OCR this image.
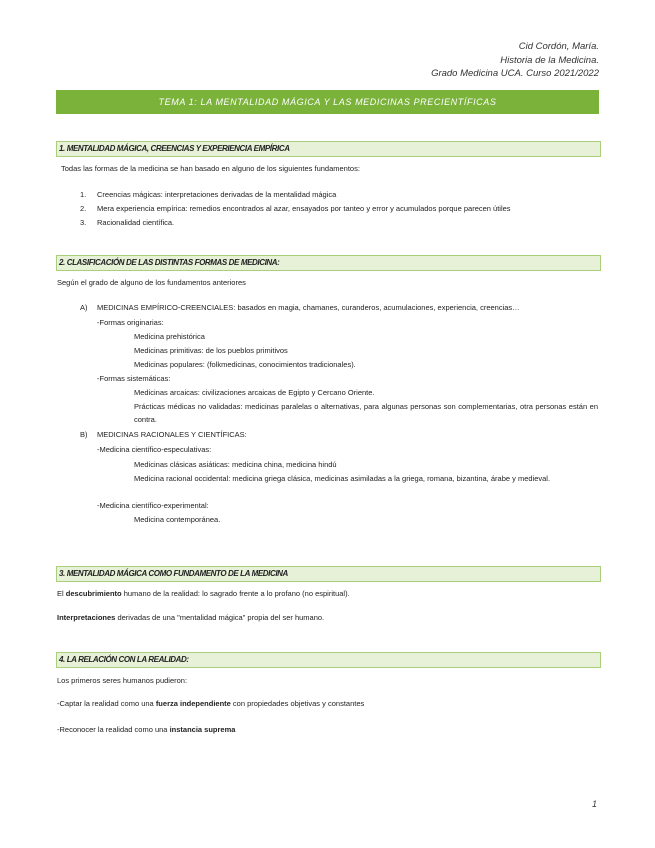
Cid Cordón, María.
Historia de la Medicina.
Grado Medicina UCA. Curso 2021/2022
TEMA 1: LA MENTALIDAD MÁGICA Y LAS MEDICINAS PRECIENTÍFICAS
1. MENTALIDAD MÁGICA, CREENCIAS Y EXPERIENCIA EMPÍRICA
Todas las formas de la medicina se han basado en alguno de los siguientes fundamentos:
1. Creencias mágicas: interpretaciones derivadas de la mentalidad mágica
2. Mera experiencia empírica: remedios encontrados al azar, ensayados por tanteo y error y acumulados porque parecen útiles
3. Racionalidad científica.
2. CLASIFICACIÓN DE LAS DISTINTAS FORMAS DE MEDICINA:
Según el grado de alguno de los fundamentos anteriores
A) MEDICINAS EMPÍRICO-CREENCIALES: basados en magia, chamanes, curanderos, acumulaciones, experiencia, creencias…
-Formas originarias:
Medicina prehistórica
Medicinas primitivas: de los pueblos primitivos
Medicinas populares: (folkmedicinas, conocimientos tradicionales).
-Formas sistemáticas:
Medicinas arcaicas: civilizaciones arcaicas de Egipto y Cercano Oriente.
Prácticas médicas no validadas: medicinas paralelas o alternativas, para algunas personas son complementarias, otra personas están en contra.
B) MEDICINAS RACIONALES Y CIENTÍFICAS:
-Medicina científico-especulativas:
Medicinas clásicas asiáticas: medicina china, medicina hindú
Medicina racional occidental: medicina griega clásica, medicinas asimiladas a la griega, romana, bizantina, árabe y medieval.
-Medicina científico-experimental:
Medicina contemporánea.
3. MENTALIDAD MÁGICA COMO FUNDAMENTO DE LA MEDICINA
El descubrimiento humano de la realidad: lo sagrado frente a lo profano (no espiritual).
Interpretaciones derivadas de una "mentalidad mágica" propia del ser humano.
4. LA RELACIÓN CON LA REALIDAD:
Los primeros seres humanos pudieron:
-Captar la realidad como una fuerza independiente con propiedades objetivas y constantes
-Reconocer la realidad como una instancia suprema
1
